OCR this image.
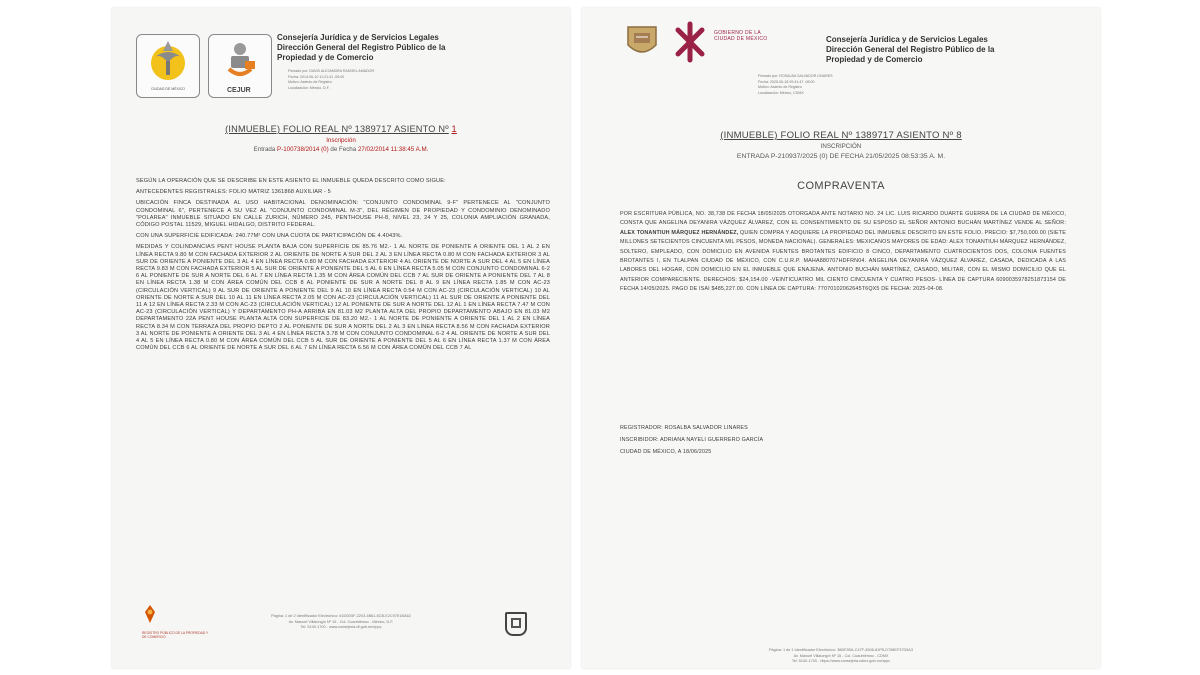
CIUDAD DE MÉXICO	CEJUR
Consejería Jurídica y de Servicios Legales
Dirección General del Registro Público de la
Propiedad y de Comercio
Firmado por: DAVID ALEJANDRA RANGEL AMADOR
Fecha: 2014-06-10 11:21:41 -05:00
Motivo: Asiento de Registro
Localización: México, D.F.
(INMUEBLE) FOLIO REAL Nº 1389717 ASIENTO Nº 1
Inscripción
Entrada P-100738/2014 (0) de Fecha 27/02/2014 11:38:45 A.M.

SEGÚN LA OPERACIÓN QUE SE DESCRIBE EN ESTE ASIENTO EL INMUEBLE QUEDA DESCRITO COMO SIGUE:

ANTECEDENTES REGISTRALES: FOLIO MATRIZ 1361868 AUXILIAR - 5

UBICACIÓN FINCA DESTINADA AL USO HABITACIONAL DENOMINACIÓN: "CONJUNTO CONDOMINAL 9-F" PERTENECE AL "CONJUNTO CONDOMINAL 6", PERTENECE A SU VEZ AL "CONJUNTO CONDOMINAL M-3", DEL RÉGIMEN DE PROPIEDAD Y CONDOMINIO DENOMINADO "POLAREA" INMUEBLE SITUADO EN CALLE ZURICH, NÚMERO 245, PENTHOUSE PH-8, NIVEL 23, 24 Y 25, COLONIA AMPLIACIÓN GRANADA, CÓDIGO POSTAL 11529, MIGUEL HIDALGO, DISTRITO FEDERAL.

CON UNA SUPERFICIE EDIFICADA: 240.77M² CON UNA CUOTA DE PARTICIPACIÓN DE 4.4043%.

MEDIDAS Y COLINDANCIAS PENT HOUSE PLANTA BAJA CON SUPERFICIE DE 85.76 M2.- 1 AL NORTE DE PONIENTE A ORIENTE DEL 1 AL 2 EN LÍNEA RECTA 9.80 M CON FACHADA EXTERIOR 2 AL ORIENTE DE NORTE A SUR DEL 2 AL 3 EN LÍNEA RECTA 0.80 M CON FACHADA EXTERIOR 3 AL SUR DE ORIENTE A PONIENTE DEL 3 AL 4 EN LÍNEA RECTA 0.80 M CON FACHADA EXTERIOR 4 AL ORIENTE DE NORTE A SUR DEL 4 AL 5 EN LÍNEA RECTA 9.83 M CON FACHADA EXTERIOR 5 AL SUR DE ORIENTE A PONIENTE DEL 5 AL 6 EN LÍNEA RECTA 5.05 M CON CONJUNTO CONDOMINAL 6-2 6 AL PONIENTE DE SUR A NORTE DEL 6 AL 7 EN LÍNEA RECTA 1.35 M CON ÁREA COMÚN DEL CCB 7 AL SUR DE ORIENTE A PONIENTE DEL 7 AL 8 EN LÍNEA RECTA 1.38 M CON ÁREA COMÚN DEL CCB 8 AL PONIENTE DE SUR A NORTE DEL 8 AL 9 EN LÍNEA RECTA 1.85 M CON AC-23 (CIRCULACIÓN VERTICAL) 9 AL SUR DE ORIENTE A PONIENTE DEL 9 AL 10 EN LÍNEA RECTA 0.54 M CON AC-23 (CIRCULACIÓN VERTICAL) 10 AL ORIENTE DE NORTE A SUR DEL 10 AL 11 EN LÍNEA RECTA 2.05 M CON AC-23 (CIRCULACIÓN VERTICAL) 11 AL SUR DE ORIENTE A PONIENTE DEL 11 A 12 EN LÍNEA RECTA 2.33 M CON AC-23 (CIRCULACIÓN VERTICAL) 12 AL PONIENTE DE SUR A NORTE DEL 12 AL 1 EN LÍNEA RECTA 7.47 M CON AC-23 (CIRCULACIÓN VERTICAL) Y DEPARTAMENTO PH-A ARRIBA EN 81.03 M2 PLANTA ALTA DEL PROPIO DEPARTAMENTO ABAJO EN 81.03 M2 DEPARTAMENTO 22A PENT HOUSE PLANTA ALTA CON SUPERFICIE DE 83.20 M2.- 1 AL NORTE DE PONIENTE A ORIENTE DEL 1 AL 2 EN LÍNEA RECTA 8.34 M CON TERRAZA DEL PROPIO DEPTO 2 AL PONIENTE DE SUR A NORTE DEL 2 AL 3 EN LÍNEA RECTA 8.56 M CON FACHADA EXTERIOR 3 AL NORTE DE PONIENTE A ORIENTE DEL 3 AL 4 EN LÍNEA RECTA 3.78 M CON CONJUNTO CONDOMINAL 6-2 4 AL ORIENTE DE NORTE A SUR DEL 4 AL 5 EN LÍNEA RECTA 0.80 M CON ÁREA COMÚN DEL CCB 5 AL SUR DE ORIENTE A PONIENTE DEL 5 AL 6 EN LÍNEA RECTA 1.37 M CON ÁREA COMÚN DEL CCB 6 AL ORIENTE DE NORTE A SUR DEL 6 AL 7 EN LÍNEA RECTA 6.56 M CON ÁREA COMÚN DEL CCB 7 AL

REGISTRO PÚBLICO DE LA PROPIEDAD Y DE COMERCIO
Página: 1 de 2 Identificador Electrónico: 61D0D5F-2203-4B61-6CB-E2C97E1BA62
Av. Manuel Villalongín Nº 15 - Col. Cuauhtémoc - México, D.F.
Tel. 5140-1700 - www.consejeria.df.gob.mx/rppc
GOBIERNO DE LA
CIUDAD DE MÉXICO	Consejería Jurídica y de Servicios Legales
Dirección General del Registro Público de la
Propiedad y de Comercio
Firmado por: ROSALBA SALVADOR LINARES
Fecha: 2025-06-18 09:41:47 -06:00
Motivo: Asiento de Registro
Localización: México, CDMX
(INMUEBLE) FOLIO REAL Nº 1389717 ASIENTO Nº 8
INSCRIPCIÓN
ENTRADA P-210937/2025 (0) DE FECHA 21/05/2025 08:53:35 A. M.
COMPRAVENTA

POR ESCRITURA PÚBLICA, NO. 38,738 DE FECHA 18/05/2025 OTORGADA ANTE NOTARIO NO. 24 LIC. LUIS RICARDO DUARTE GUERRA DE LA CIUDAD DE MÉXICO, CONSTA QUE ANGELINA DEYANIRA VÁZQUEZ ÁLVAREZ, CON EL CONSENTIMIENTO DE SU ESPOSO EL SEÑOR ANTONIO BUCHÁN MARTÍNEZ VENDE AL SEÑOR: ALEX TONANTIUH MÁRQUEZ HERNÁNDEZ, QUIEN COMPRA Y ADQUIERE LA PROPIEDAD DEL INMUEBLE DESCRITO EN ESTE FOLIO. PRECIO: $7,750,000.00 (SIETE MILLONES SETECIENTOS CINCUENTA MIL PESOS, MONEDA NACIONAL). GENERALES: MEXICANOS MAYORES DE EDAD: ALEX TONANTIUH MÁRQUEZ HERNÁNDEZ, SOLTERO, EMPLEADO, CON DOMICILIO EN AVENIDA FUENTES BROTANTES EDIFICIO 8 CINCO, DEPARTAMENTO CUATROCIENTOS DOS, COLONIA FUENTES BROTANTES I, EN TLALPAN CIUDAD DE MÉXICO, CON C.U.R.P. MAHA880707HDFRN04. ANGELINA DEYANIRA VÁZQUEZ ÁLVAREZ, CASADA, DEDICADA A LAS LABORES DEL HOGAR, CON DOMICILIO EN EL INMUEBLE QUE ENAJENA. ANTONIO BUCHÁN MARTÍNEZ, CASADO, MILITAR, CON EL MISMO DOMICILIO QUE EL ANTERIOR COMPARECIENTE. DERECHOS: $24,154.00 -VEINTICUATRO MIL CIENTO CINCUENTA Y CUATRO PESOS- LÍNEA DE CAPTURA 6090035978251873154 DE FECHA 14/05/2025. PAGO DE ISAI $485,227.00. CON LÍNEA DE CAPTURA: 77070102062645T6QX5 DE FECHA: 2025-04-08.

REGISTRADOR: ROSALBA SALVADOR LINARES
INSCRIBIDOR: ADRIANA NAYELI GUERRERO GARCÍA
CIUDAD DE MÉXICO, A 18/06/2025
Página: 1 de 1 Identificador Electrónico: 36BF2BA-C47F-4506-81FB-D758EF37D5A3
Av. Manuel Villalongín Nº 15 - Col. Cuauhtémoc - CDMX
Tel. 5140-1700 - https://www.consejeria.cdmx.gob.mx/rppc
